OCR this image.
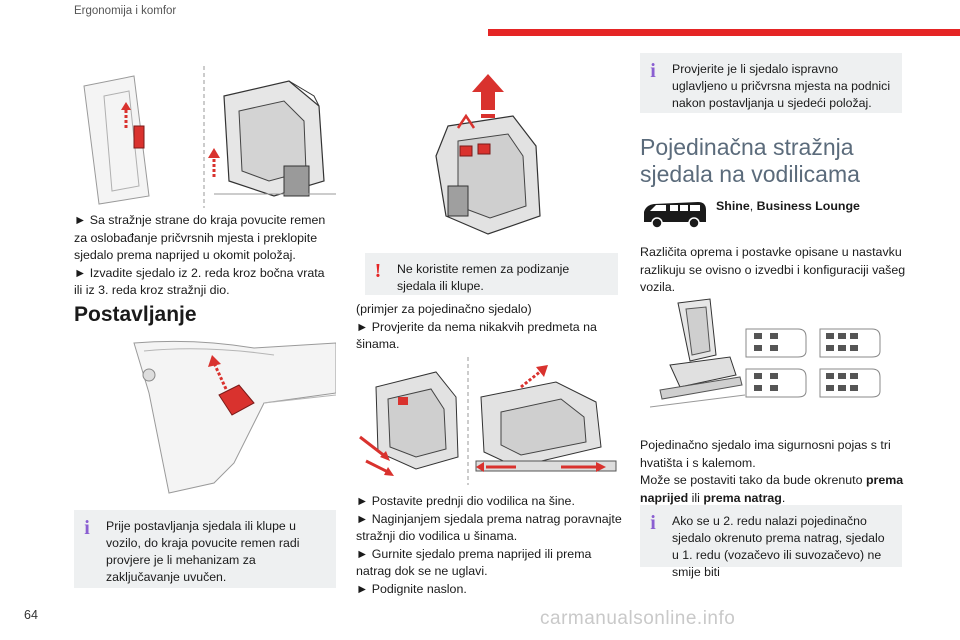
Ergonomija i komfor

► Sa stražnje strane do kraja povucite remen za oslobađanje pričvrsnih mjesta i preklopite sjedalo prema naprijed u okomit položaj.

► Izvadite sjedalo iz 2. reda kroz bočna vrata ili iz 3. reda kroz stražnji dio.

Postavljanje
i	Prije postavljanja sjedala ili klupe u vozilo, do kraja povucite remen radi provjere je li mehanizam za zaključavanje uvučen.
!	Ne koristite remen za podizanje sjedala ili klupe.

(primjer za pojedinačno sjedalo)

► Provjerite da nema nikakvih predmeta na šinama.

► Postavite prednji dio vodilica na šine.

► Naginjanjem sjedala prema natrag poravnajte stražnji dio vodilica u šinama.

► Gurnite sjedalo prema naprijed ili prema natrag dok se ne uglavi.

► Podignite naslon.

i	Provjerite je li sjedalo ispravno uglavljeno u pričvrsna mjesta na podnici nakon postavljanja u sjedeći položaj.
Pojedinačna stražnja
sjedala na vodilicama
Shine, Business Lounge
Različita oprema i postavke opisane u nastavku razlikuju se ovisno o izvedbi i konfiguraciji vašeg vozila.

Pojedinačno sjedalo ima sigurnosni pojas s tri hvatišta i s kalemom.

Može se postaviti tako da bude okrenuto prema naprijed ili prema natrag.

i	Ako se u 2. redu nalazi pojedinačno sjedalo okrenuto prema natrag, sjedalo u 1. redu (vozačevo ili suvozačevo) ne smije biti
64	carmanualsonline.info
